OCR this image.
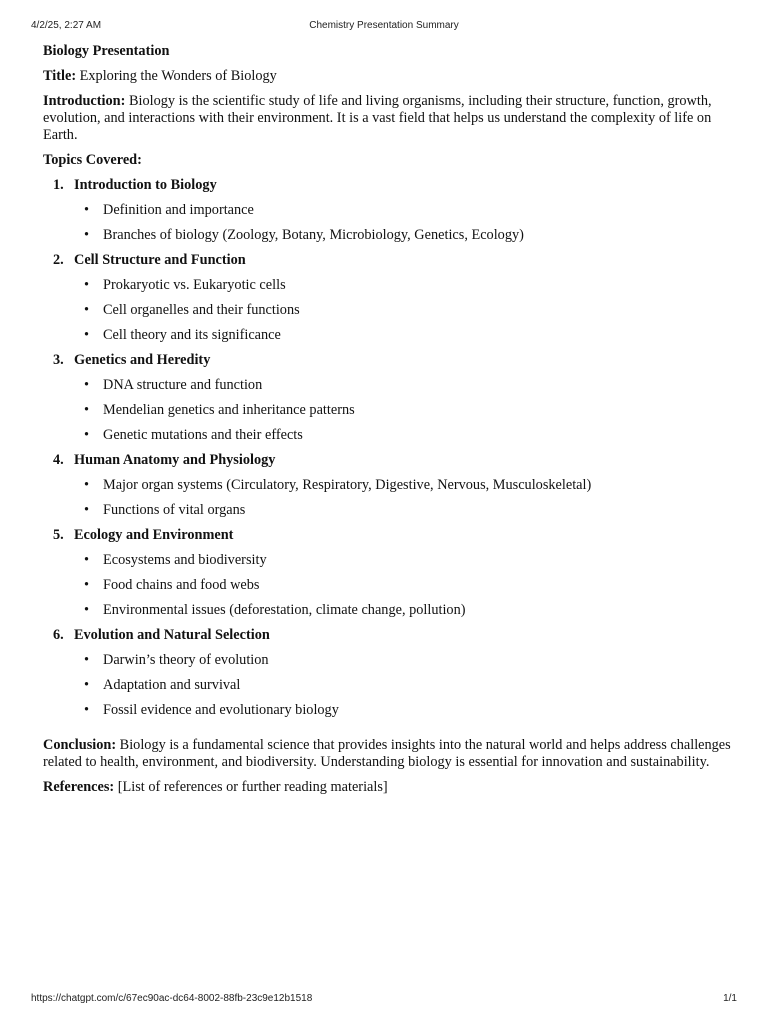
4/2/25, 2:27 AM	Chemistry Presentation Summary

Biology Presentation

Title: Exploring the Wonders of Biology

Introduction: Biology is the scientific study of life and living organisms, including their structure, function, growth, evolution, and interactions with their environment. It is a vast field that helps us understand the complexity of life on Earth.

Topics Covered:

1. Introduction to Biology
• Definition and importance
• Branches of biology (Zoology, Botany, Microbiology, Genetics, Ecology)
2. Cell Structure and Function
• Prokaryotic vs. Eukaryotic cells
• Cell organelles and their functions
• Cell theory and its significance
3. Genetics and Heredity
• DNA structure and function
• Mendelian genetics and inheritance patterns
• Genetic mutations and their effects
4. Human Anatomy and Physiology
• Major organ systems (Circulatory, Respiratory, Digestive, Nervous, Musculoskeletal)
• Functions of vital organs
5. Ecology and Environment
• Ecosystems and biodiversity
• Food chains and food webs
• Environmental issues (deforestation, climate change, pollution)
6. Evolution and Natural Selection
• Darwin’s theory of evolution
• Adaptation and survival
• Fossil evidence and evolutionary biology

Conclusion: Biology is a fundamental science that provides insights into the natural world and helps address challenges related to health, environment, and biodiversity. Understanding biology is essential for innovation and sustainability.

References: [List of references or further reading materials]

https://chatgpt.com/c/67ec90ac-dc64-8002-88fb-23c9e12b1518	1/1
